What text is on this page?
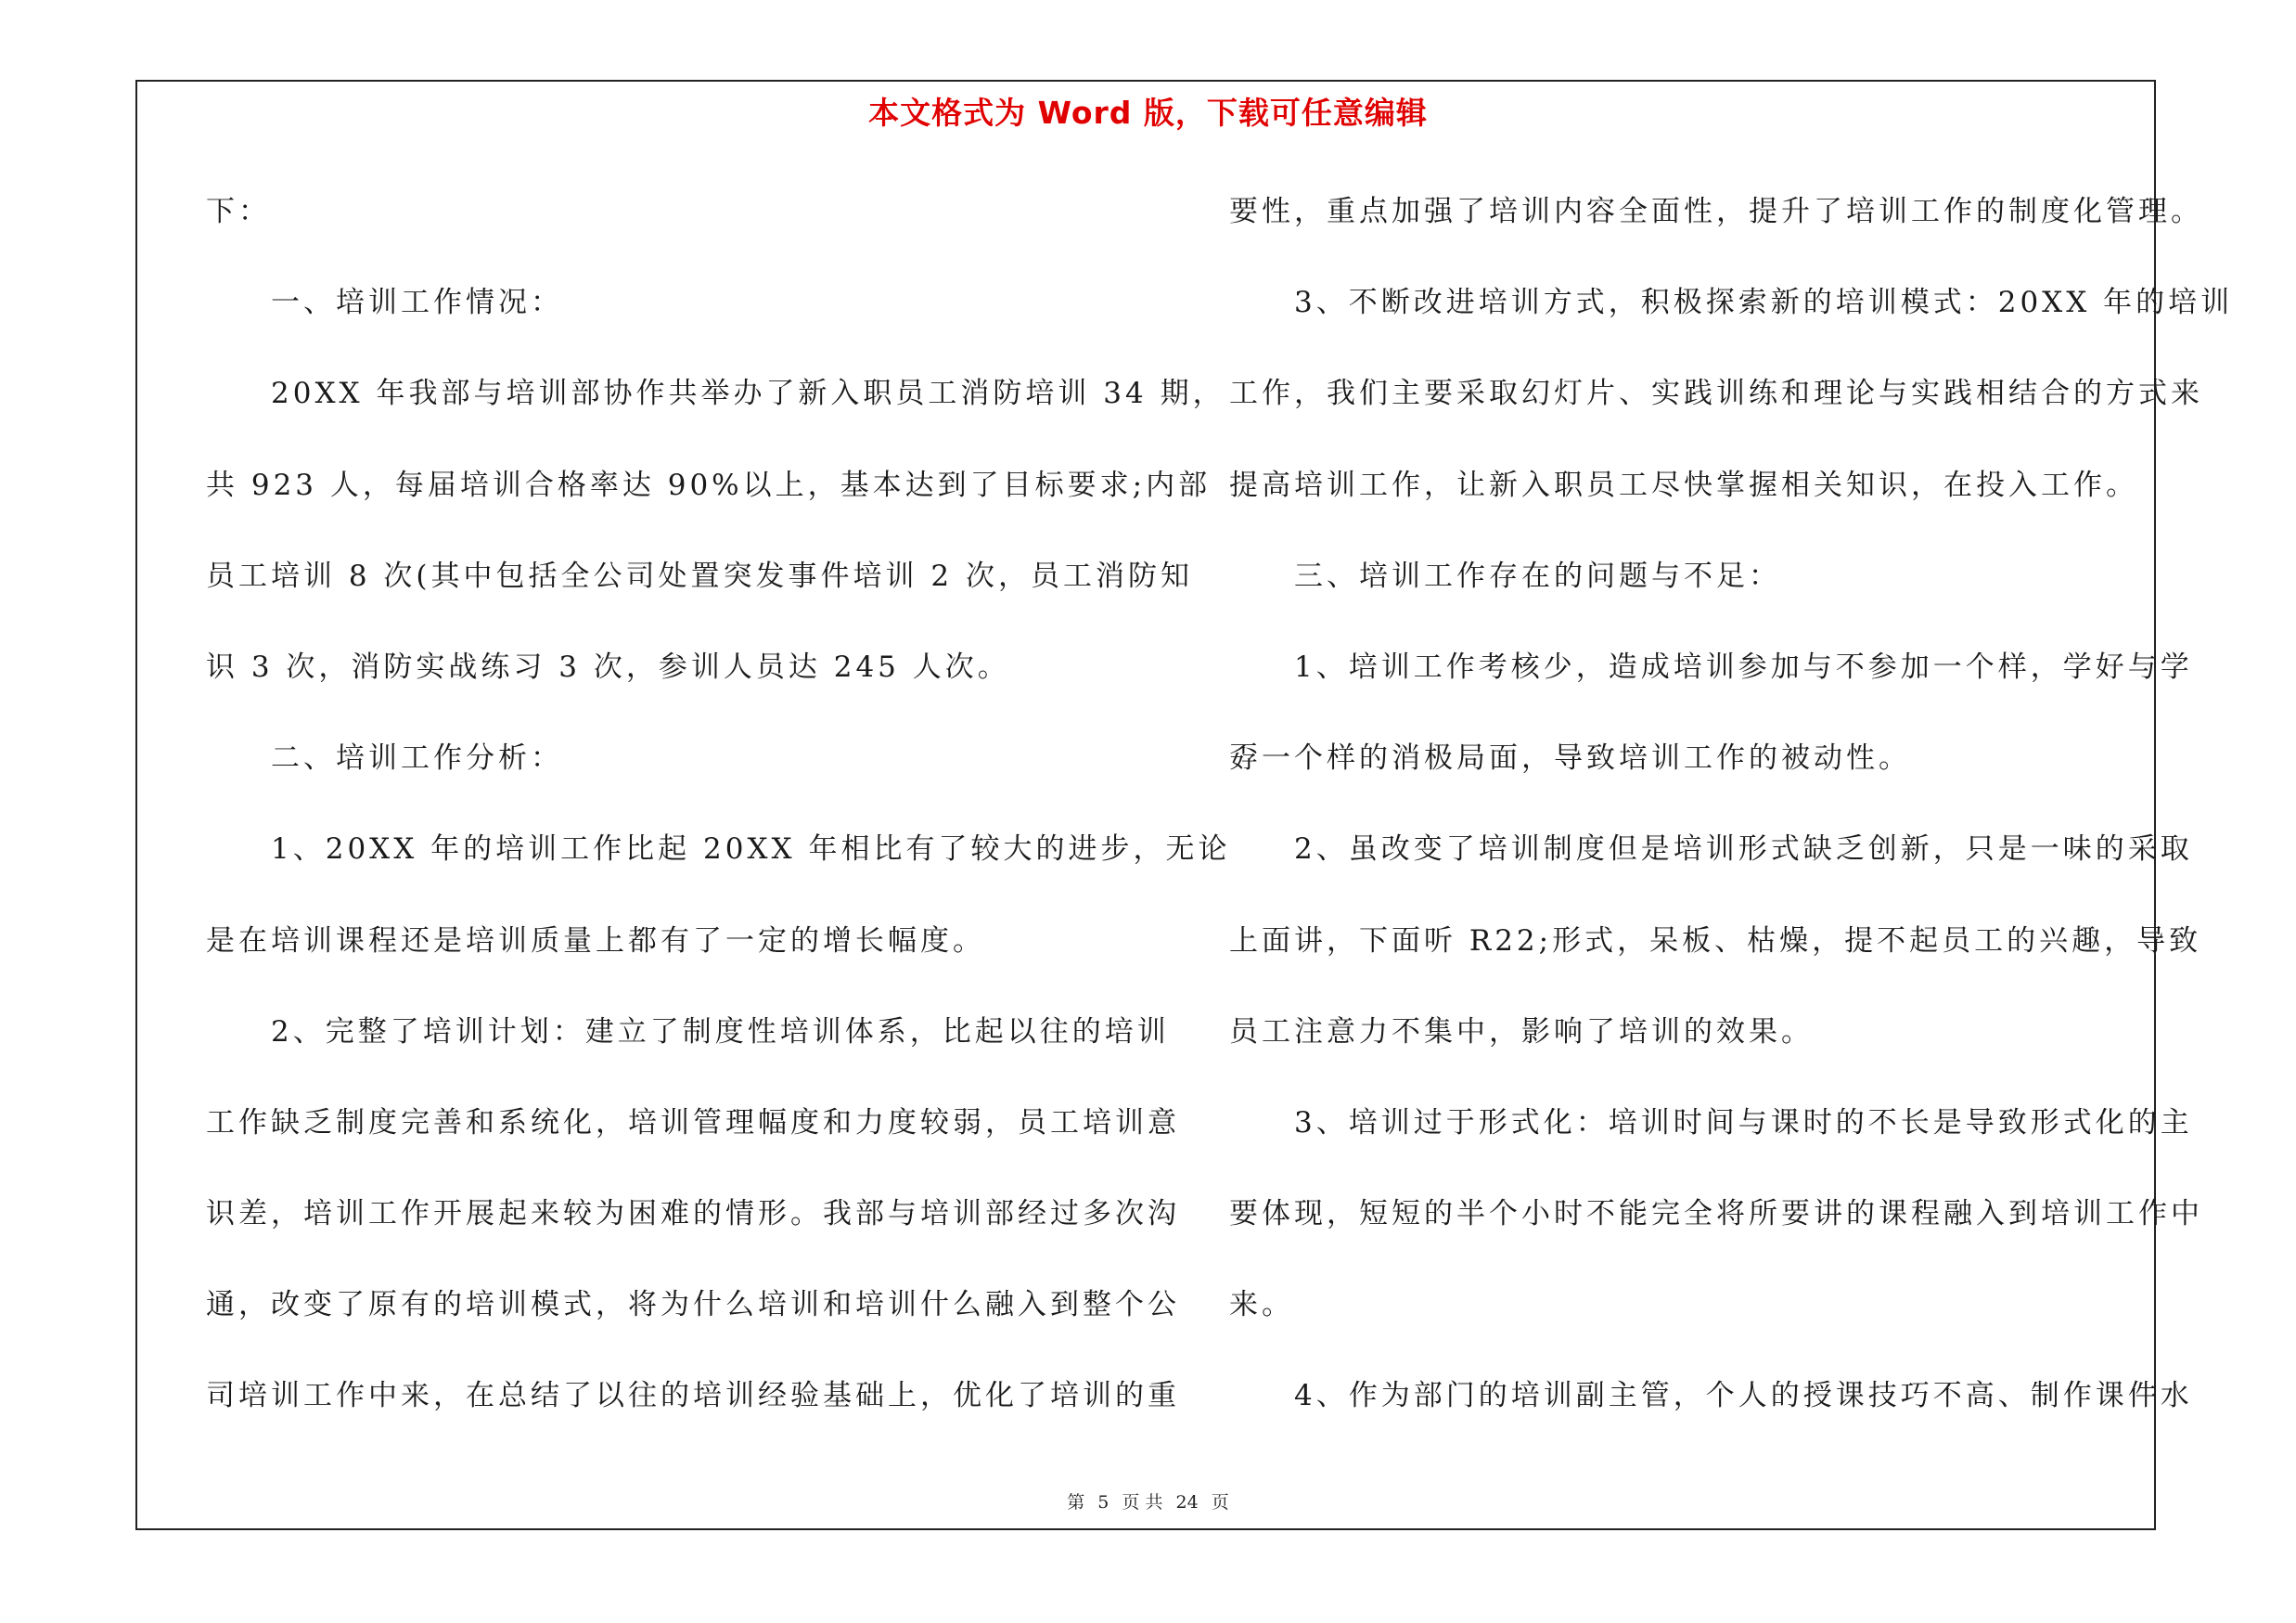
本文格式为 Word 版，下载可任意编辑
下：
　　一、培训工作情况：
　　20XX 年我部与培训部协作共举办了新入职员工消防培训 34 期，
共 923 人，每届培训合格率达 90%以上，基本达到了目标要求;内部
员工培训 8 次(其中包括全公司处置突发事件培训 2 次，员工消防知
识 3 次，消防实战练习 3 次，参训人员达 245 人次。
　　二、培训工作分析：
　　1、20XX 年的培训工作比起 20XX 年相比有了较大的进步，无论
是在培训课程还是培训质量上都有了一定的增长幅度。
　　2、完整了培训计划：建立了制度性培训体系，比起以往的培训
工作缺乏制度完善和系统化，培训管理幅度和力度较弱，员工培训意
识差，培训工作开展起来较为困难的情形。我部与培训部经过多次沟
通，改变了原有的培训模式，将为什么培训和培训什么融入到整个公
司培训工作中来，在总结了以往的培训经验基础上，优化了培训的重
要性，重点加强了培训内容全面性，提升了培训工作的制度化管理。
　　3、不断改进培训方式，积极探索新的培训模式：20XX 年的培训
工作，我们主要采取幻灯片、实践训练和理论与实践相结合的方式来
提高培训工作，让新入职员工尽快掌握相关知识，在投入工作。
　　三、培训工作存在的问题与不足：
　　1、培训工作考核少，造成培训参加与不参加一个样，学好与学
孬一个样的消极局面，导致培训工作的被动性。
　　2、虽改变了培训制度但是培训形式缺乏创新，只是一味的采取
上面讲，下面听 R22;形式，呆板、枯燥，提不起员工的兴趣，导致
员工注意力不集中，影响了培训的效果。
　　3、培训过于形式化：培训时间与课时的不长是导致形式化的主
要体现，短短的半个小时不能完全将所要讲的课程融入到培训工作中
来。
　　4、作为部门的培训副主管，个人的授课技巧不高、制作课件水
第 5 页 共 24 页
